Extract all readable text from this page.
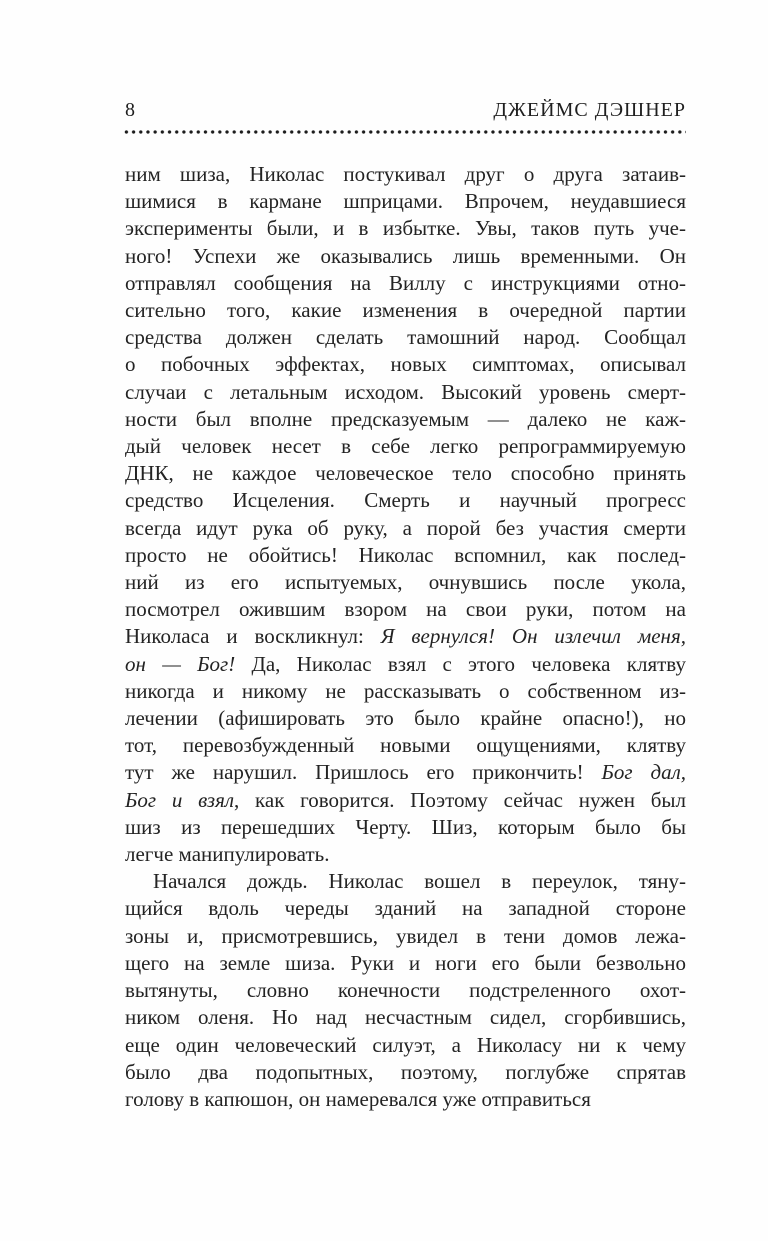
8	ДЖЕЙМС ДЭШНЕР
ним шиза, Николас постукивал друг о друга затаив-
шимися в кармане шприцами. Впрочем, неудавшиеся
эксперименты были, и в избытке. Увы, таков путь уче-
ного! Успехи же оказывались лишь временными. Он
отправлял сообщения на Виллу с инструкциями отно-
сительно того, какие изменения в очередной партии
средства должен сделать тамошний народ. Сообщал
о побочных эффектах, новых симптомах, описывал
случаи с летальным исходом. Высокий уровень смерт-
ности был вполне предсказуемым — далеко не каж-
дый человек несет в себе легко репрограммируемую
ДНК, не каждое человеческое тело способно принять
средство Исцеления. Смерть и научный прогресс
всегда идут рука об руку, а порой без участия смерти
просто не обойтись! Николас вспомнил, как послед-
ний из его испытуемых, очнувшись после укола,
посмотрел ожившим взором на свои руки, потом на
Николаса и воскликнул: Я вернулся! Он излечил меня,
он — Бог! Да, Николас взял с этого человека клятву
никогда и никому не рассказывать о собственном из-
лечении (афишировать это было крайне опасно!), но
тот, перевозбужденный новыми ощущениями, клятву
тут же нарушил. Пришлось его прикончить! Бог дал,
Бог и взял, как говорится. Поэтому сейчас нужен был
шиз из перешедших Черту. Шиз, которым было бы
легче манипулировать.
Начался дождь. Николас вошел в переулок, тяну-
щийся вдоль череды зданий на западной стороне
зоны и, присмотревшись, увидел в тени домов лежа-
щего на земле шиза. Руки и ноги его были безвольно
вытянуты, словно конечности подстреленного охот-
ником оленя. Но над несчастным сидел, сгорбившись,
еще один человеческий силуэт, а Николасу ни к чему
было два подопытных, поэтому, поглубже спрятав
голову в капюшон, он намеревался уже отправиться
